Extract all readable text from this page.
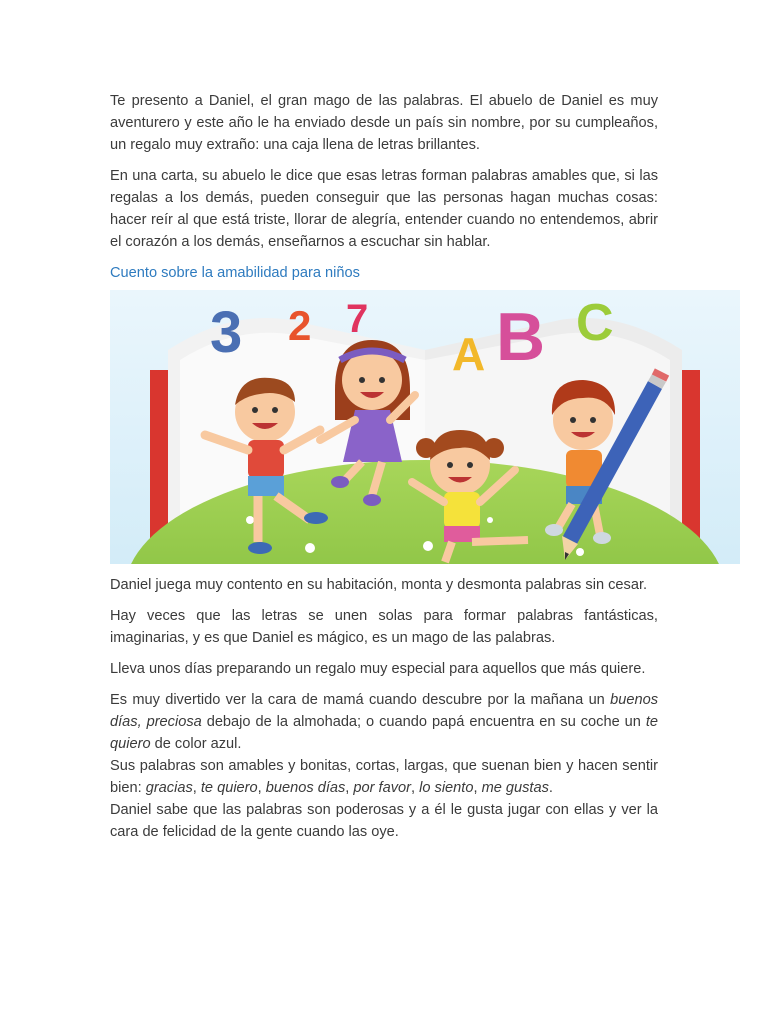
Te presento a Daniel, el gran mago de las palabras. El abuelo de Daniel es muy aventurero y este año le ha enviado desde un país sin nombre, por su cumpleaños, un regalo muy extraño: una caja llena de letras brillantes.

En una carta, su abuelo le dice que esas letras forman palabras amables que, si las regalas a los demás, pueden conseguir que las personas hagan muchas cosas: hacer reír al que está triste, llorar de alegría, entender cuando no entendemos, abrir el corazón a los demás, enseñarnos a escuchar sin hablar.

Cuento sobre la amabilidad para niños
3 2 7
A B C

Daniel juega muy contento en su habitación, monta y desmonta palabras sin cesar.

Hay veces que las letras se unen solas para formar palabras fantásticas, imaginarias, y es que Daniel es mágico, es un mago de las palabras.

Lleva unos días preparando un regalo muy especial para aquellos que más quiere.

Es muy divertido ver la cara de mamá cuando descubre por la mañana un buenos días, preciosa debajo de la almohada; o cuando papá encuentra en su coche un te quiero de color azul.

Sus palabras son amables y bonitas, cortas, largas, que suenan bien y hacen sentir bien: gracias, te quiero, buenos días, por favor, lo siento, me gustas.

Daniel sabe que las palabras son poderosas y a él le gusta jugar con ellas y ver la cara de felicidad de la gente cuando las oye.
